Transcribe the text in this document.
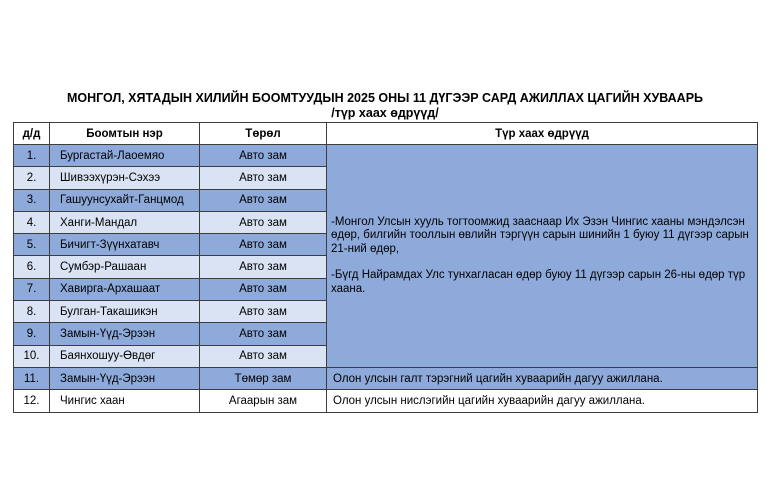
МОНГОЛ, ХЯТАДЫН ХИЛИЙН БООМТУУДЫН 2025 ОНЫ 11 ДҮГЭЭР САРД АЖИЛЛАХ ЦАГИЙН ХУВААРЬ
/түр хаах өдрүүд/
д/д	Боомтын нэр	Төрөл	Түр хаах өдрүүд
1.	Бургастай-Лаоемяо	Авто зам	-Монгол Улсын хууль тогтоомжид зааснаар Их Эзэн Чингис хааны мэндэлсэн өдөр, билгийн тооллын өвлийн тэргүүн сарын шинийн 1 буюу 11 дүгээр сарын 21-ний өдөр,
-Бүгд Найрамдах Улс тунхагласан өдөр буюу 11 дүгээр сарын 26-ны өдөр түр хаана.
2.	Шивээхүрэн-Сэхээ	Авто зам	
3.	Гашуунсухайт-Ганцмод	Авто зам	
4.	Ханги-Мандал	Авто зам	
5.	Бичигт-Зүүнхатавч	Авто зам	
6.	Сумбэр-Рашаан	Авто зам	
7.	Хавирга-Архашаат	Авто зам	
8.	Булган-Такашикэн	Авто зам	
9.	Замын-Үүд-Эрээн	Авто зам	
10.	Баянхошуу-Өвдөг	Авто зам	
11.	Замын-Үүд-Эрээн	Төмөр зам	Олон улсын галт тэрэгний цагийн хуваарийн дагуу ажиллана.
12.	Чингис хаан	Агаарын зам	Олон улсын нислэгийн цагийн хуваарийн дагуу ажиллана.
